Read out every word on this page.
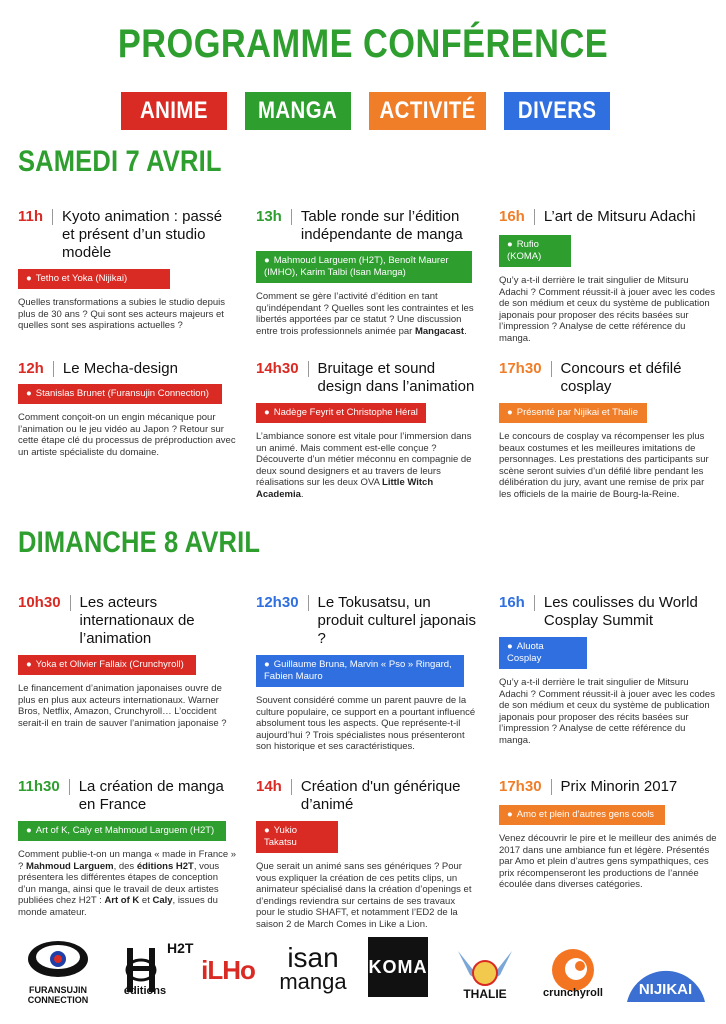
PROGRAMME CONFÉRENCE
ANIME MANGA ACTIVITÉ DIVERS
SAMEDI 7 AVRIL
11h Kyoto animation : passé et présent d’un studio modèle
● Tetho et Yoka (Nijikai)
Quelles transformations a subies le studio depuis plus de 30 ans ? Qui sont ses acteurs majeurs et quelles sont ses aspirations actuelles ?
13h Table ronde sur l’édition indépendante de manga
● Mahmoud Larguem (H2T), Benoît Maurer (IMHO), Karim Talbi (Isan Manga)
Comment se gère l’activité d’édition en tant qu’indépendant ? Quelles sont les contraintes et les libertés apportées par ce statut ? Une discussion entre trois professionnels animée par Mangacast.
16h L’art de Mitsuru Adachi
● Rufio (KOMA)
Qu’y a-t-il derrière le trait singulier de Mitsuru Adachi ? Comment réussit-il à jouer avec les codes de son médium et ceux du système de publication japonais pour proposer des récits basées sur l’impression ? Analyse de cette référence du manga.
12h Le Mecha-design
● Stanislas Brunet (Furansujin Connection)
Comment conçoit-on un engin mécanique pour l’animation ou le jeu vidéo au Japon ? Retour sur cette étape clé du processus de préproduction avec un artiste spécialiste du domaine.
14h30 Bruitage et sound design dans l’animation
● Nadège Feyrit et Christophe Héral
L’ambiance sonore est vitale pour l’immersion dans un animé. Mais comment est-elle conçue ? Découverte d’un métier méconnu en compagnie de deux sound designers et au travers de leurs réalisations sur les deux OVA Little Witch Academia.
17h30 Concours et défilé cosplay
● Présenté par Nijikai et Thalie
Le concours de cosplay va récompenser les plus beaux costumes et les meilleures imitations de personnages. Les prestations des participants sur scène seront suivies d’un défilé libre pendant les délibération du jury, avant une remise de prix par les officiels de la mairie de Bourg-la-Reine.
DIMANCHE 8 AVRIL
10h30 Les acteurs internationaux de l’animation
● Yoka et Olivier Fallaix (Crunchyroll)
Le financement d’animation japonaises ouvre de plus en plus aux acteurs internationaux. Warner Bros, Netflix, Amazon, Crunchyroll… L’occident serait-il en train de sauver l’animation japonaise ?
12h30 Le Tokusatsu, un produit culturel japonais ?
● Guillaume Bruna, Marvin « Pso » Ringard, Fabien Mauro
Souvent considéré comme un parent pauvre de la culture populaire, ce support en a pourtant influencé absolument tous les aspects. Que représente-t-il aujourd’hui ? Trois spécialistes nous présenteront son historique et ses caractéristiques.
16h Les coulisses du World Cosplay Summit
● Aluota Cosplay
Qu’y a-t-il derrière le trait singulier de Mitsuru Adachi ? Comment réussit-il à jouer avec les codes de son médium et ceux du système de publication japonais pour proposer des récits basées sur l’impression ? Analyse de cette référence du manga.
11h30 La création de manga en France
● Art of K, Caly et Mahmoud Larguem (H2T)
Comment publie-t-on un manga « made in France » ? Mahmoud Larguem, des éditions H2T, vous présentera les différentes étapes de conception d’un manga, ainsi que le travail de deux artistes publiées chez H2T : Art of K et Caly, issues du monde amateur.
14h Création d'un générique d’animé
● Yukio Takatsu
Que serait un animé sans ses génériques ? Pour vous expliquer la création de ces petits clips, un animateur spécialisé dans la création d’openings et d’endings reviendra sur certains de ses travaux pour le studio SHAFT, et notamment l’ED2 de la saison 2 de March Comes in Like a Lion.
17h30 Prix Minorin 2017
● Amo et plein d’autres gens cools
Venez découvrir le pire et le meilleur des animés de 2017 dans une ambiance fun et légère. Présentés par Amo et plein d’autres gens sympathiques, ces prix récompenseront les productions de l’année écoulée dans diverses catégories.
FURANSUJIN CONNECTION
H2T
éditions
iLHo isan
manga
KOMA
THALIE	crunchyroll	NIJIKAI
